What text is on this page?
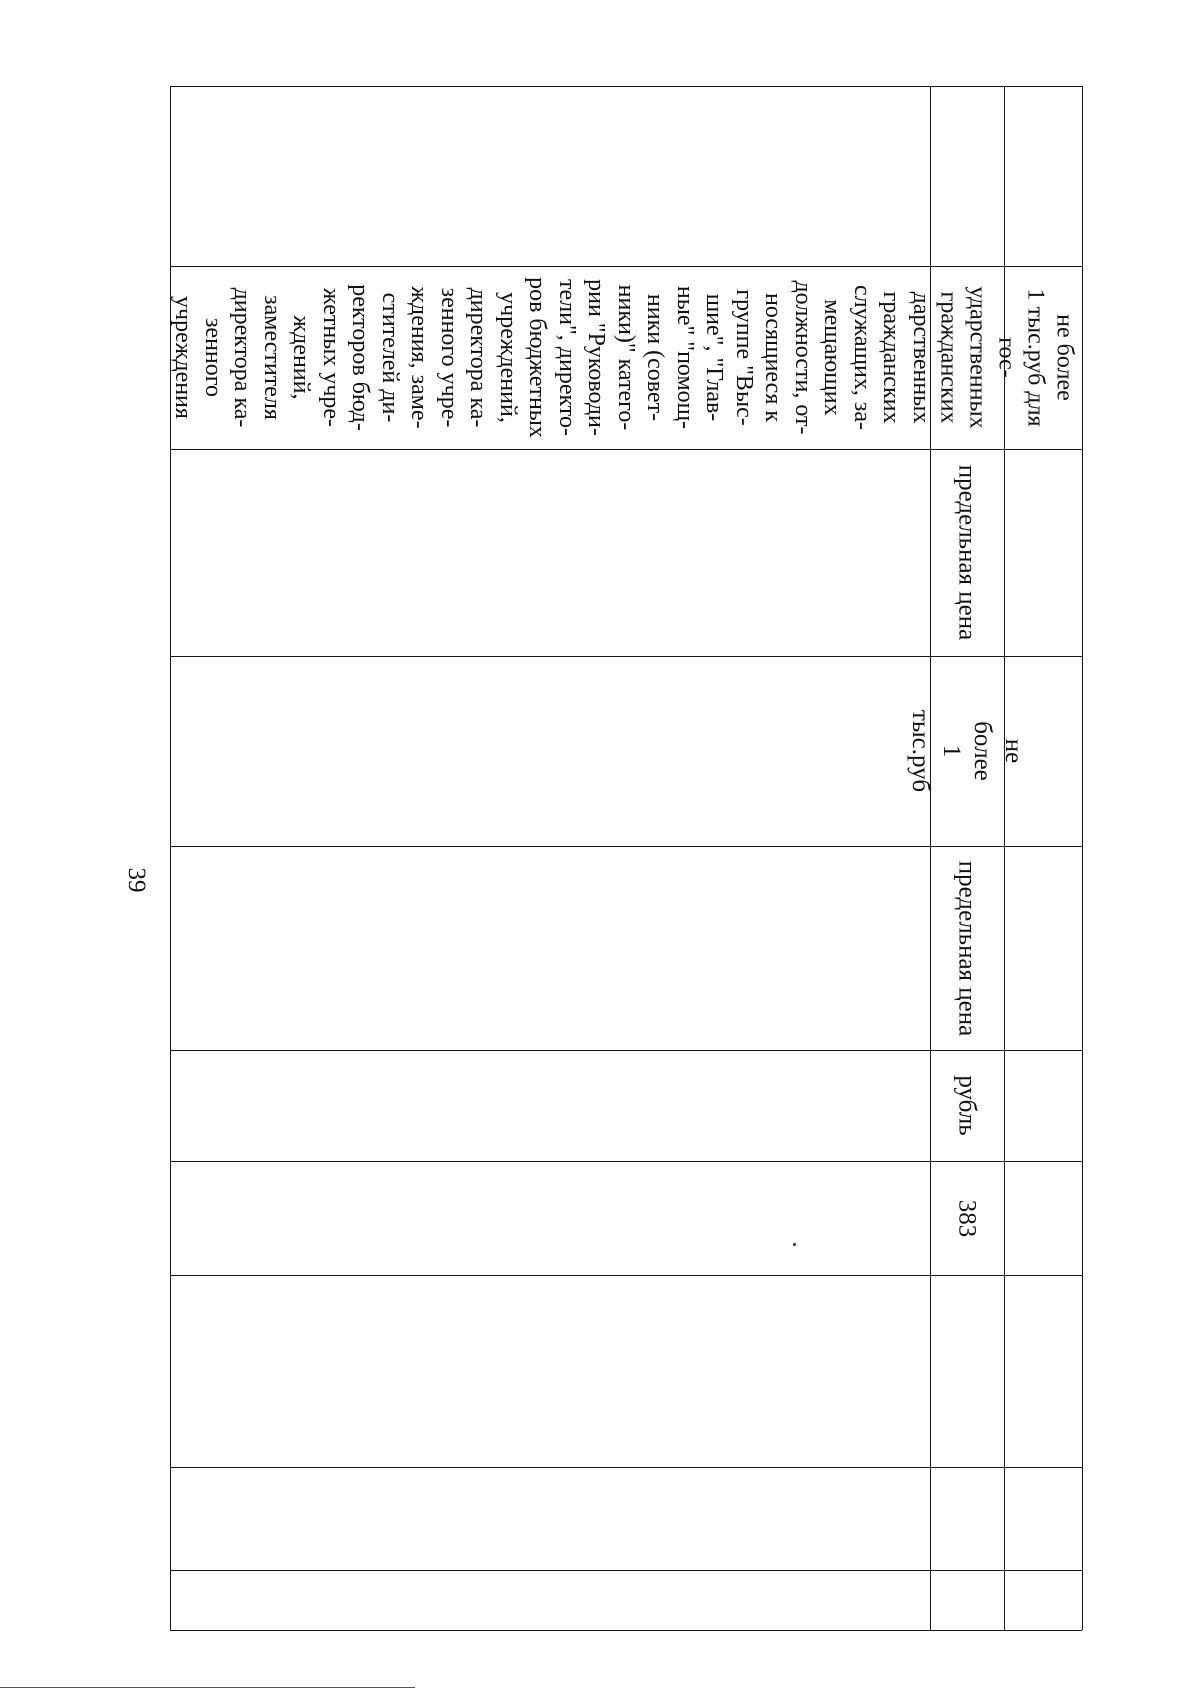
39
дарственных
гражданских
служащих, за-
мещающих
должности, от-
носящиеся к
группе "Выс-
шие", "Глав-
ные" "помощ-
ники (совет-
ники)" катего-
рии "Руководи-
тели", директо-
ров бюджетных
учреждений,
директора ка-
зенного учре-
ждения, заме-
стителей ди-
ректоров бюд-
жетных учре-
ждений,
заместителя
директора ка-
зенного
учреждения	не более
1 тыс.руб для
гос-
ударственных
гражданских
предельная цена
не более
1 тыс.руб
предельная цена
рубль
383
